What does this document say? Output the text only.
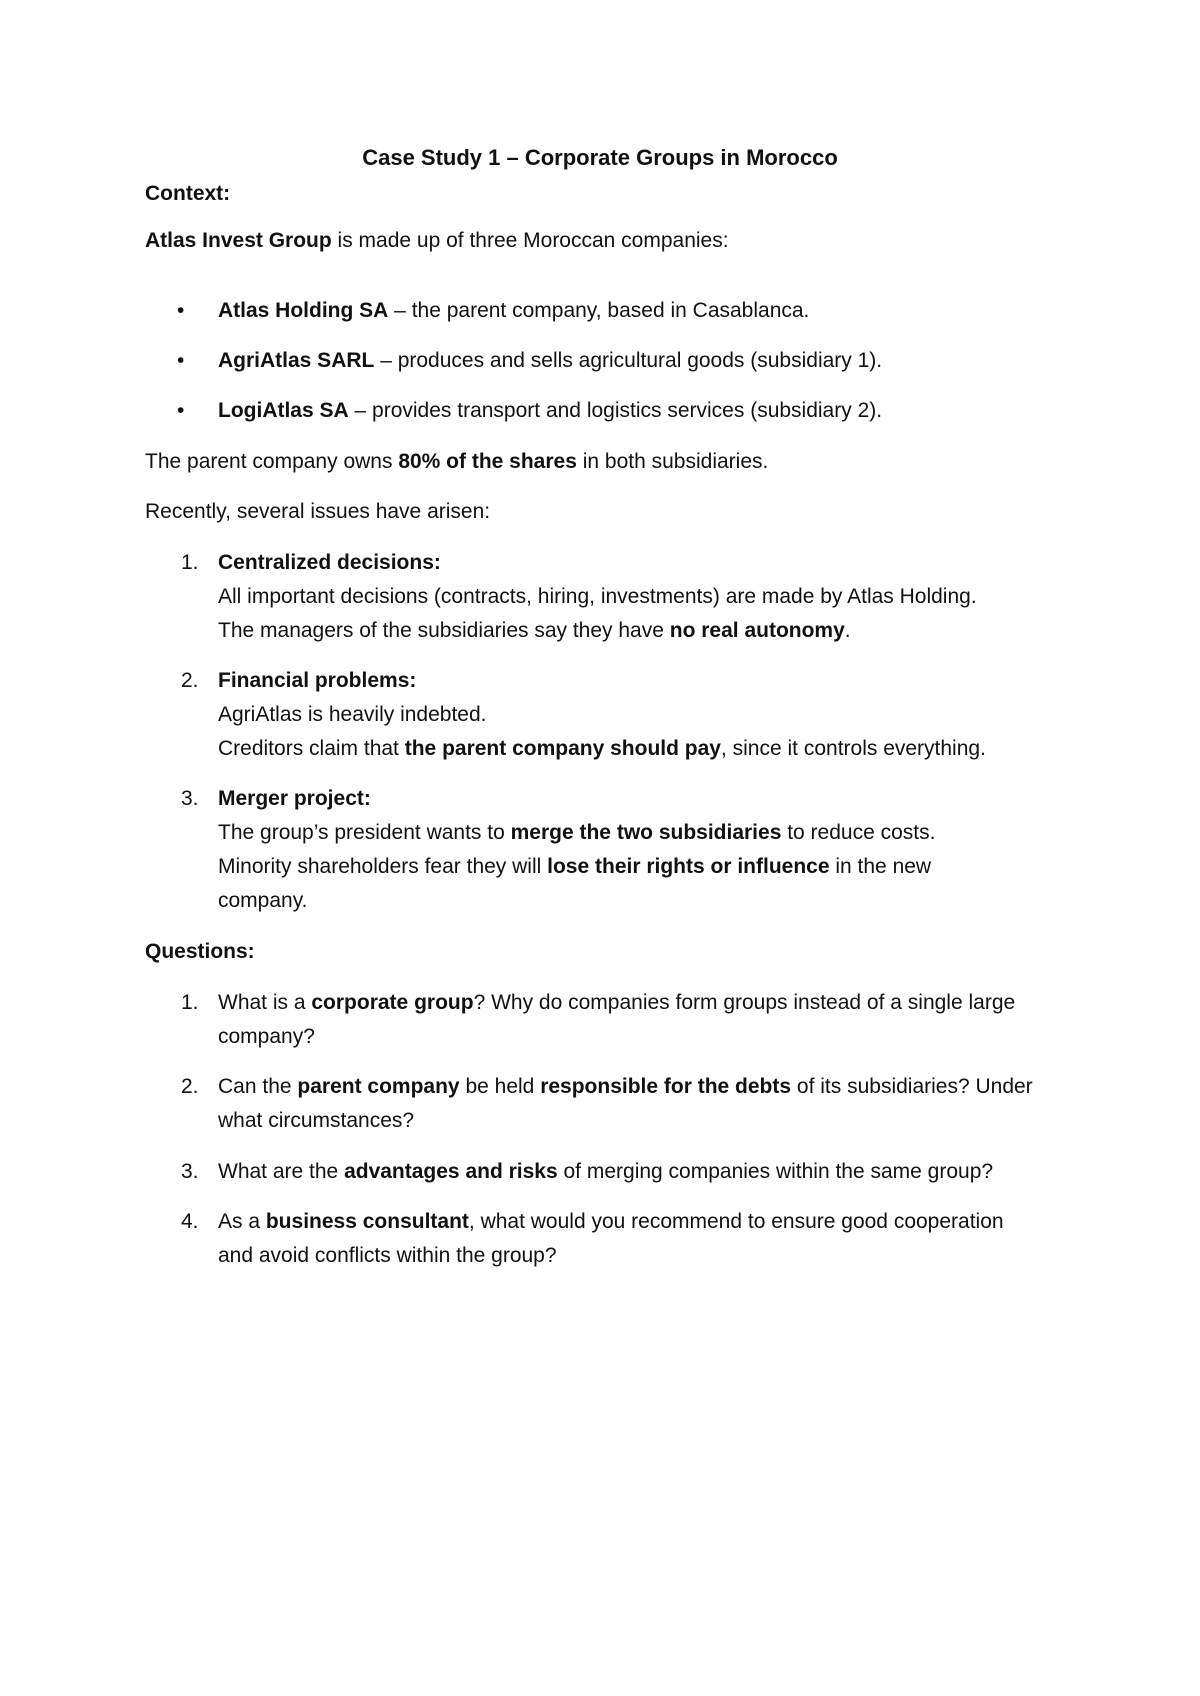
Case Study 1 – Corporate Groups in Morocco
Context:
Atlas Invest Group is made up of three Moroccan companies:
• Atlas Holding SA – the parent company, based in Casablanca.
• AgriAtlas SARL – produces and sells agricultural goods (subsidiary 1).
• LogiAtlas SA – provides transport and logistics services (subsidiary 2).
The parent company owns 80% of the shares in both subsidiaries.
Recently, several issues have arisen:
1. Centralized decisions:
All important decisions (contracts, hiring, investments) are made by Atlas Holding.
The managers of the subsidiaries say they have no real autonomy.
2. Financial problems:
AgriAtlas is heavily indebted.
Creditors claim that the parent company should pay, since it controls everything.
3. Merger project:
The group’s president wants to merge the two subsidiaries to reduce costs.
Minority shareholders fear they will lose their rights or influence in the new company.
Questions:
1. What is a corporate group? Why do companies form groups instead of a single large company?
2. Can the parent company be held responsible for the debts of its subsidiaries? Under what circumstances?
3. What are the advantages and risks of merging companies within the same group?
4. As a business consultant, what would you recommend to ensure good cooperation and avoid conflicts within the group?
